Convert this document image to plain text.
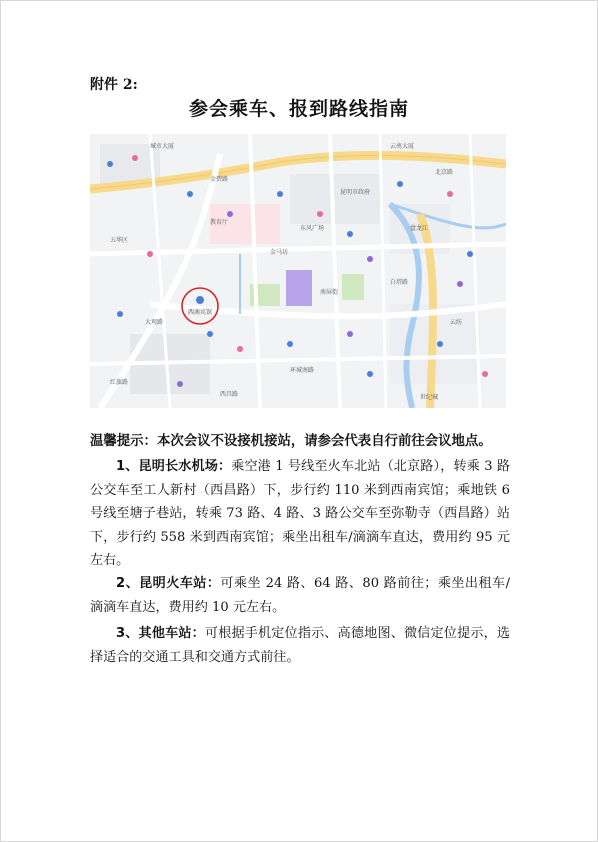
附件 2:
参会乘车、报到路线指南
城市大厦	云南大厦
金碧路
教育厅
东风广场
五华区
盘龙江
大观路
金马坊
南屏街
白塔路
云纺
环城南路
世纪城
昆明市政府
红旗路
北京路
西昌路
西南宾馆
温馨提示：本次会议不设接机接站，请参会代表自行前往会议地点。
1、昆明长水机场：乘空港 1 号线至火车北站（北京路），转乘 3 路公交车至工人新村（西昌路）下，步行约 110 米到西南宾馆；乘地铁 6 号线至塘子巷站，转乘 73 路、4 路、3 路公交车至弥勒寺（西昌路）站下，步行约 558 米到西南宾馆；乘坐出租车/滴滴车直达，费用约 95 元左右。
2、昆明火车站：可乘坐 24 路、64 路、80 路前往；乘坐出租车/滴滴车直达，费用约 10 元左右。
3、其他车站：可根据手机定位指示、高德地图、微信定位提示，选择适合的交通工具和交通方式前往。
